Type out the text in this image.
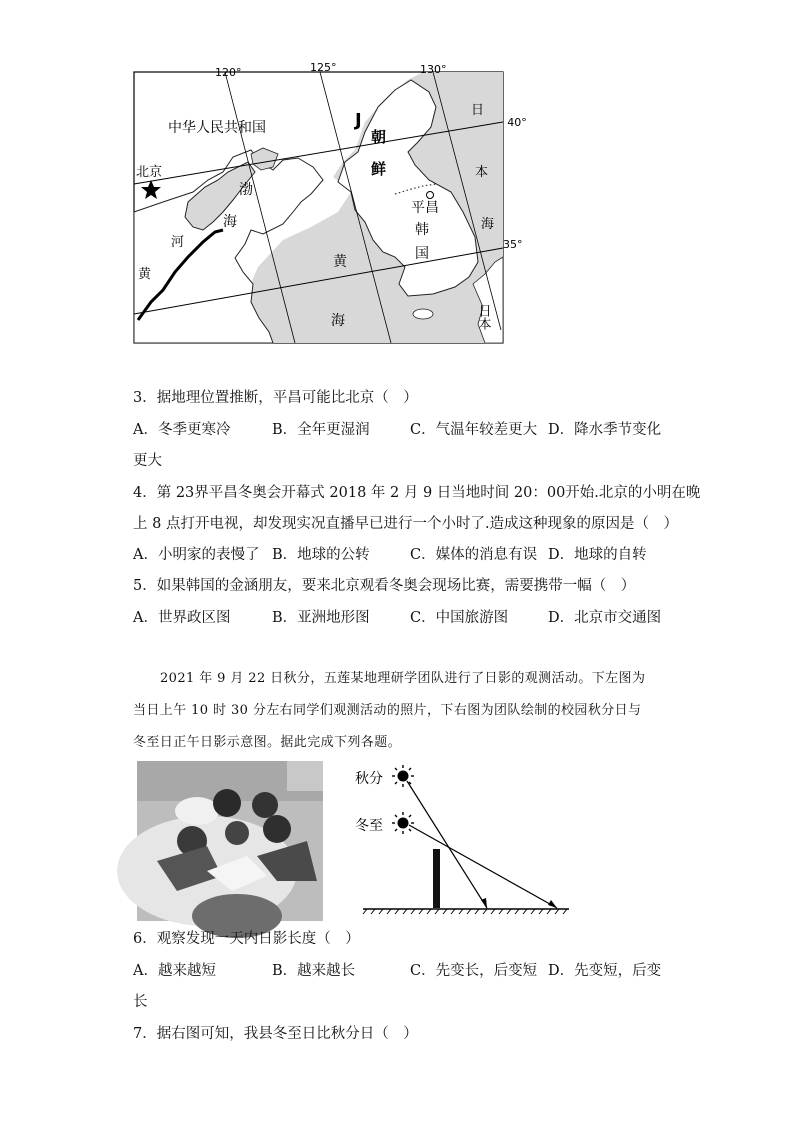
120°	125°	130°
40°
35°
中华人民共和国
北京
J
朝
鲜
平昌
韩
国
渤
海
黄
海
黄
河
日
本
海
日本
3．据地理位置推断，平昌可能比北京（　）
A．冬季更寒冷	B．全年更湿润	C．气温年较差更大 D．降水季节变化
更大
4．第 23界平昌冬奥会开幕式 2018 年 2 月 9 日当地时间 20：00开始.北京的小明在晚
上 8 点打开电视，却发现实况直播早已进行一个小时了.造成这种现象的原因是（　）
A．小明家的表慢了 B．地球的公转	C．媒体的消息有误 D．地球的自转
5．如果韩国的金涵朋友，要来北京观看冬奥会现场比赛，需要携带一幅（　）
A．世界政区图	B．亚洲地形图	C．中国旅游图	D．北京市交通图
2021 年 9 月 22 日秋分，五莲某地理研学团队进行了日影的观测活动。下左图为
当日上午 10 时 30 分左右同学们观测活动的照片，下右图为团队绘制的校园秋分日与
冬至日正午日影示意图。据此完成下列各题。
秋分
冬至
6．观察发现一天内日影长度（　）
A．越来越短	B．越来越长	C．先变长，后变短 D．先变短，后变
长
7．据右图可知，我县冬至日比秋分日（　）
